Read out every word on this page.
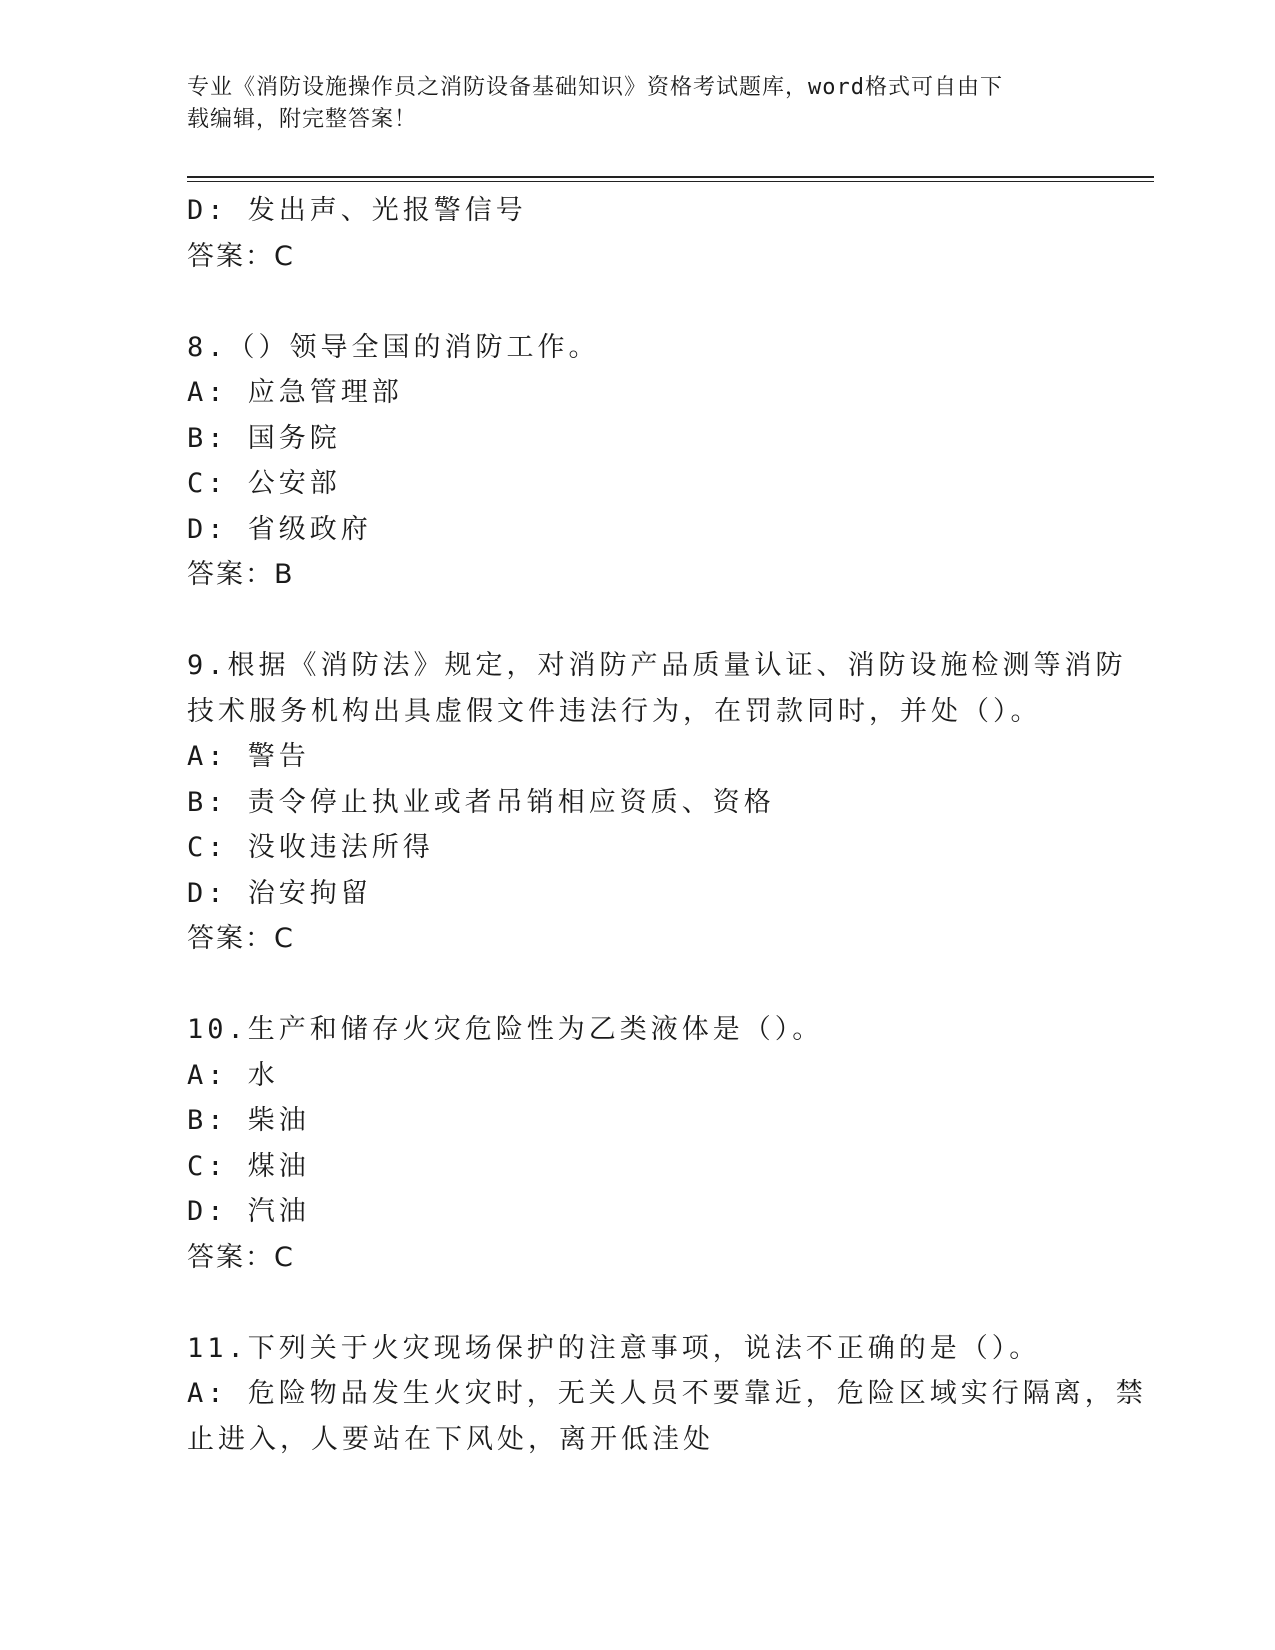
专业《消防设施操作员之消防设备基础知识》资格考试题库，word格式可自由下
载编辑，附完整答案！
D: 发出声、光报警信号
答案：C
8.（）领导全国的消防工作。
A: 应急管理部
B: 国务院
C: 公安部
D: 省级政府
答案：B
9.根据《消防法》规定，对消防产品质量认证、消防设施检测等消防
技术服务机构出具虚假文件违法行为，在罚款同时，并处（）。
A: 警告
B: 责令停止执业或者吊销相应资质、资格
C: 没收违法所得
D: 治安拘留
答案：C
10.生产和储存火灾危险性为乙类液体是（）。
A: 水
B: 柴油
C: 煤油
D: 汽油
答案：C
11.下列关于火灾现场保护的注意事项，说法不正确的是（）。
A: 危险物品发生火灾时，无关人员不要靠近，危险区域实行隔离，禁
止进入，人要站在下风处，离开低洼处
